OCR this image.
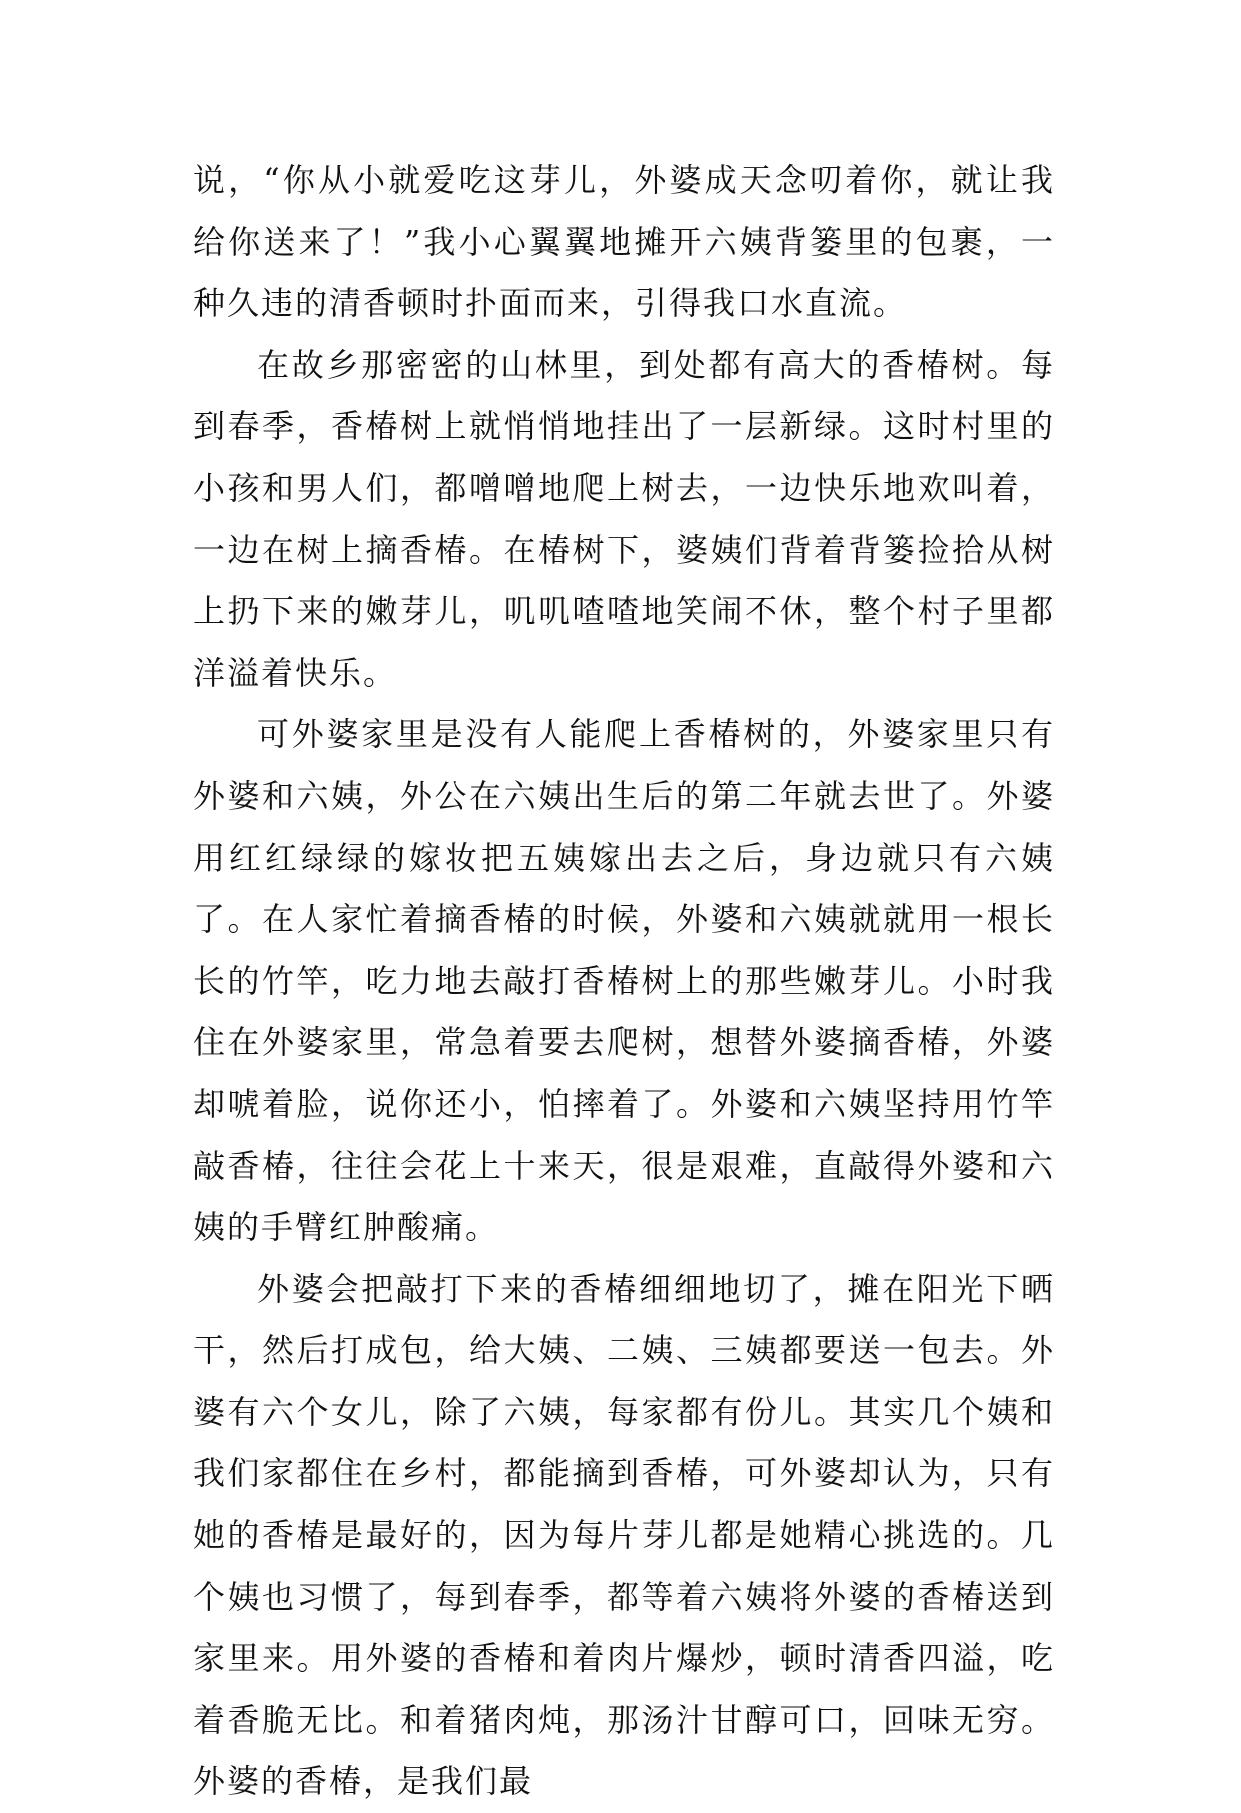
说，“你从小就爱吃这芽儿，外婆成天念叨着你，就让我给你送来了！”我小心翼翼地摊开六姨背篓里的包裹，一种久违的清香顿时扑面而来，引得我口水直流。

在故乡那密密的山林里，到处都有高大的香椿树。每到春季，香椿树上就悄悄地挂出了一层新绿。这时村里的小孩和男人们，都噌噌地爬上树去，一边快乐地欢叫着，一边在树上摘香椿。在椿树下，婆姨们背着背篓捡拾从树上扔下来的嫩芽儿，叽叽喳喳地笑闹不休，整个村子里都洋溢着快乐。

可外婆家里是没有人能爬上香椿树的，外婆家里只有外婆和六姨，外公在六姨出生后的第二年就去世了。外婆用红红绿绿的嫁妆把五姨嫁出去之后，身边就只有六姨了。在人家忙着摘香椿的时候，外婆和六姨就就用一根长长的竹竿，吃力地去敲打香椿树上的那些嫩芽儿。小时我住在外婆家里，常急着要去爬树，想替外婆摘香椿，外婆却唬着脸，说你还小，怕摔着了。外婆和六姨坚持用竹竿敲香椿，往往会花上十来天，很是艰难，直敲得外婆和六姨的手臂红肿酸痛。

外婆会把敲打下来的香椿细细地切了，摊在阳光下晒干，然后打成包，给大姨、二姨、三姨都要送一包去。外婆有六个女儿，除了六姨，每家都有份儿。其实几个姨和我们家都住在乡村，都能摘到香椿，可外婆却认为，只有她的香椿是最好的，因为每片芽儿都是她精心挑选的。几个姨也习惯了，每到春季，都等着六姨将外婆的香椿送到家里来。用外婆的香椿和着肉片爆炒，顿时清香四溢，吃着香脆无比。和着猪肉炖，那汤汁甘醇可口，回味无穷。外婆的香椿，是我们最
